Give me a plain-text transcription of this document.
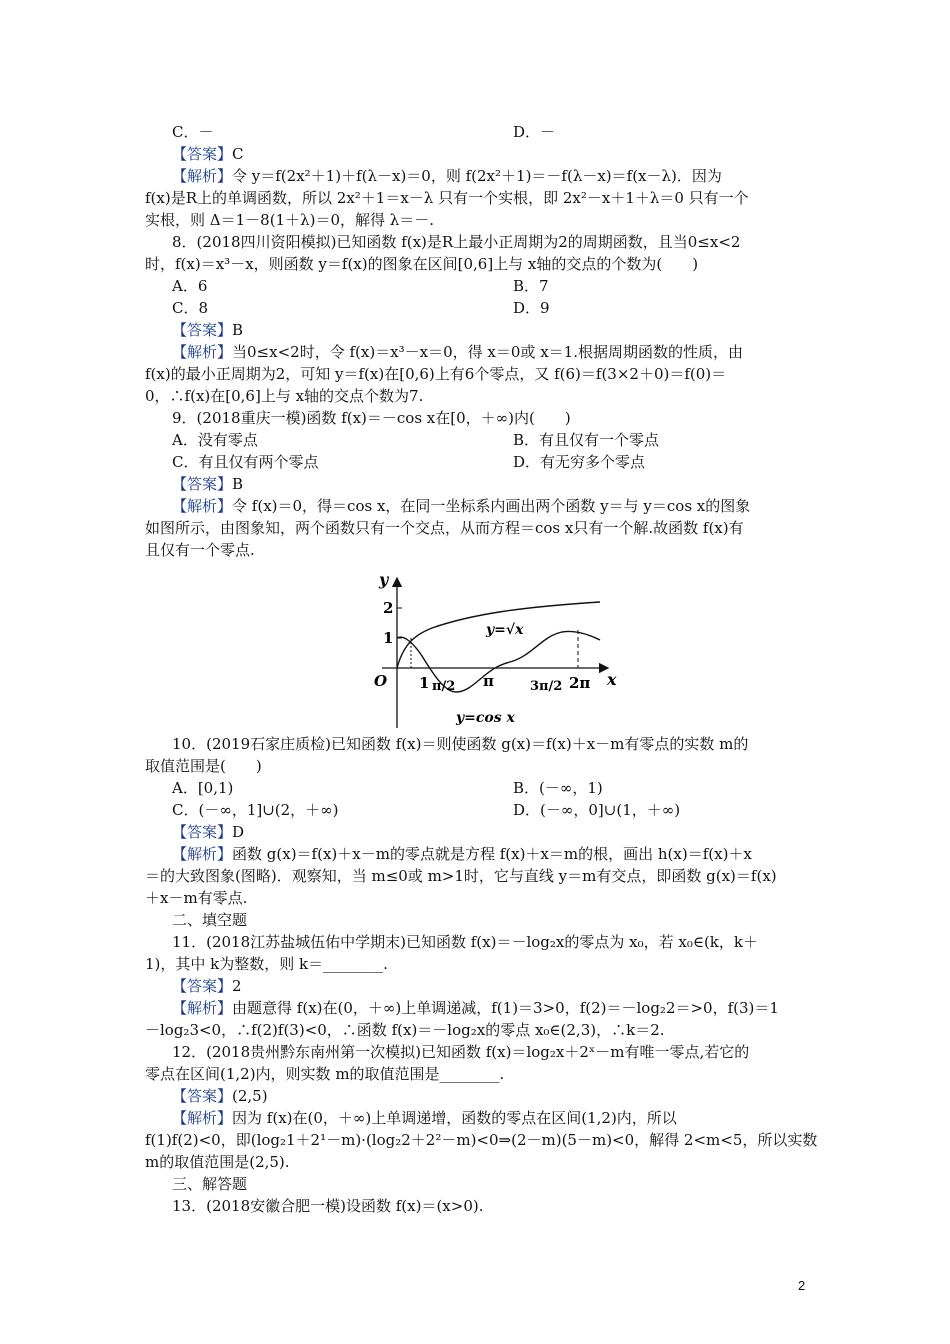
C．－	D．－
【答案】C
【解析】令 y＝f(2x²＋1)＋f(λ－x)＝0，则 f(2x²＋1)＝－f(λ－x)＝f(x－λ)．因为
f(x)是R上的单调函数，所以 2x²＋1＝x－λ 只有一个实根，即 2x²－x＋1＋λ＝0 只有一个
实根，则 Δ＝1－8(1＋λ)＝0，解得 λ＝－.
8．(2018四川资阳模拟)已知函数 f(x)是R上最小正周期为2的周期函数，且当0≤x<2
时，f(x)＝x³－x，则函数 y＝f(x)的图象在区间[0,6]上与 x轴的交点的个数为(　　)
A．6	B．7
C．8	D．9
【答案】B
【解析】当0≤x<2时，令 f(x)＝x³－x＝0，得 x＝0或 x＝1.根据周期函数的性质，由
f(x)的最小正周期为2，可知 y＝f(x)在[0,6)上有6个零点，又 f(6)＝f(3×2＋0)＝f(0)＝
0，∴f(x)在[0,6]上与 x轴的交点个数为7.
9．(2018重庆一模)函数 f(x)＝－cos x在[0，＋∞)内(　　)
A．没有零点	B．有且仅有一个零点
C．有且仅有两个零点	D．有无穷多个零点
【答案】B
【解析】令 f(x)＝0，得＝cos x，在同一坐标系内画出两个函数 y＝与 y＝cos x的图象
如图所示，由图象知，两个函数只有一个交点，从而方程＝cos x只有一个解.故函数 f(x)有
且仅有一个零点.
y
x
O
2
1
1 π/2 π	3π/2 2π
y=√x
y=cos x
10．(2019石家庄质检)已知函数 f(x)＝则使函数 g(x)＝f(x)＋x－m有零点的实数 m的
取值范围是(　　)
A．[0,1)	B．(－∞，1)
C．(－∞，1]∪(2，＋∞)	D．(－∞，0]∪(1，＋∞)
【答案】D
【解析】函数 g(x)＝f(x)＋x－m的零点就是方程 f(x)＋x＝m的根，画出 h(x)＝f(x)＋x
＝的大致图象(图略)．观察知，当 m≤0或 m>1时，它与直线 y＝m有交点，即函数 g(x)＝f(x)
＋x－m有零点.
二、填空题
11．(2018江苏盐城伍佑中学期末)已知函数 f(x)＝－log₂x的零点为 x₀，若 x₀∈(k，k＋
1)，其中 k为整数，则 k＝________.
【答案】2
【解析】由题意得 f(x)在(0，＋∞)上单调递减，f(1)＝3>0，f(2)＝－log₂2＝>0，f(3)＝1
－log₂3<0，∴f(2)f(3)<0，∴函数 f(x)＝－log₂x的零点 x₀∈(2,3)，∴k＝2.
12．(2018贵州黔东南州第一次模拟)已知函数 f(x)＝log₂x＋2ˣ－m有唯一零点,若它的
零点在区间(1,2)内，则实数 m的取值范围是________.
【答案】(2,5)
【解析】因为 f(x)在(0，＋∞)上单调递增，函数的零点在区间(1,2)内，所以
f(1)f(2)<0，即(log₂1＋2¹－m)·(log₂2＋2²－m)<0⇒(2－m)(5－m)<0，解得 2<m<5，所以实数
m的取值范围是(2,5).
三、解答题
13．(2018安徽合肥一模)设函数 f(x)＝(x>0).
2
